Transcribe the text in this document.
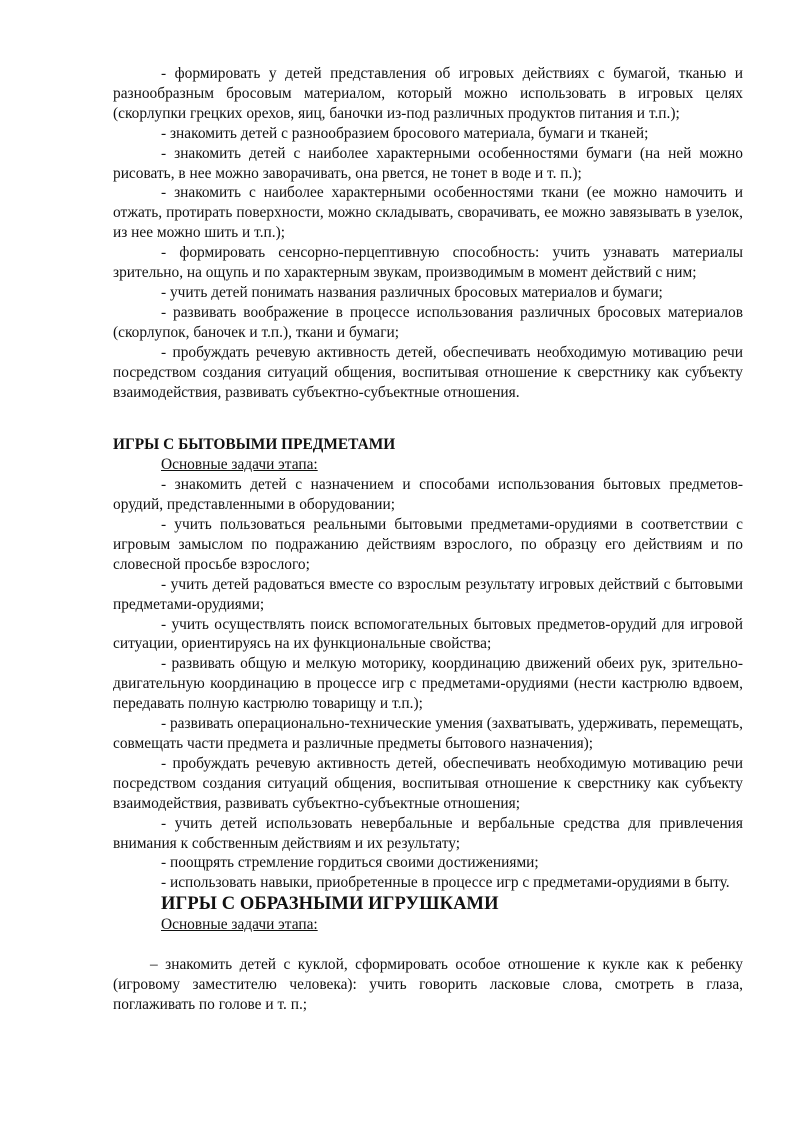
- формировать у детей представления об игровых действиях с бумагой, тканью и разнообразным бросовым материалом, который можно использовать в игровых целях (скорлупки грецких орехов, яиц, баночки из-под различных продуктов питания и т.п.);

- знакомить детей с разнообразием бросового материала, бумаги и тканей;

- знакомить детей с наиболее характерными особенностями бумаги (на ней можно рисовать, в нее можно заворачивать, она рвется, не тонет в воде и т. п.);

- знакомить с наиболее характерными особенностями ткани (ее можно намочить и отжать, протирать поверхности, можно складывать, сворачивать, ее можно завязывать в узелок, из нее можно шить и т.п.);

- формировать сенсорно-перцептивную способность: учить узнавать материалы зрительно, на ощупь и по характерным звукам, производимым в момент действий с ним;

- учить детей понимать названия различных бросовых материалов и бумаги;

- развивать воображение в процессе использования различных бросовых материалов (скорлупок, баночек и т.п.), ткани и бумаги;

- пробуждать речевую активность детей, обеспечивать необходимую мотивацию речи посредством создания ситуаций общения, воспитывая отношение к сверстнику как субъекту взаимодействия, развивать субъектно-субъектные отношения.

ИГРЫ С БЫТОВЫМИ ПРЕДМЕТАМИ
Основные задачи этапа:

- знакомить детей с назначением и способами использования бытовых предметов-орудий, представленными в оборудовании;

- учить пользоваться реальными бытовыми предметами-орудиями в соответствии с игровым замыслом по подражанию действиям взрослого, по образцу его действиям и по словесной просьбе взрослого;

- учить детей радоваться вместе со взрослым результату игровых действий с бытовыми предметами-орудиями;

- учить осуществлять поиск вспомогательных бытовых предметов-орудий для игровой ситуации, ориентируясь на их функциональные свойства;

- развивать общую и мелкую моторику, координацию движений обеих рук, зрительно-двигательную координацию в процессе игр с предметами-орудиями (нести кастрюлю вдвоем, передавать полную кастрюлю товарищу и т.п.);

- развивать операционально-технические умения (захватывать, удерживать, перемещать, совмещать части предмета и различные предметы бытового назначения);

- пробуждать речевую активность детей, обеспечивать необходимую мотивацию речи посредством создания ситуаций общения, воспитывая отношение к сверстнику как субъекту взаимодействия, развивать субъектно-субъектные отношения;

- учить детей использовать невербальные и вербальные средства для привлечения внимания к собственным действиям и их результату;

- поощрять стремление гордиться своими достижениями;

- использовать навыки, приобретенные в процессе игр с предметами-орудиями в быту.

ИГРЫ С ОБРАЗНЫМИ ИГРУШКАМИ
Основные задачи этапа:

– знакомить детей с куклой, сформировать особое отношение к кукле как к ребенку (игровому заместителю человека): учить говорить ласковые слова, смотреть в глаза, поглаживать по голове и т. п.;
